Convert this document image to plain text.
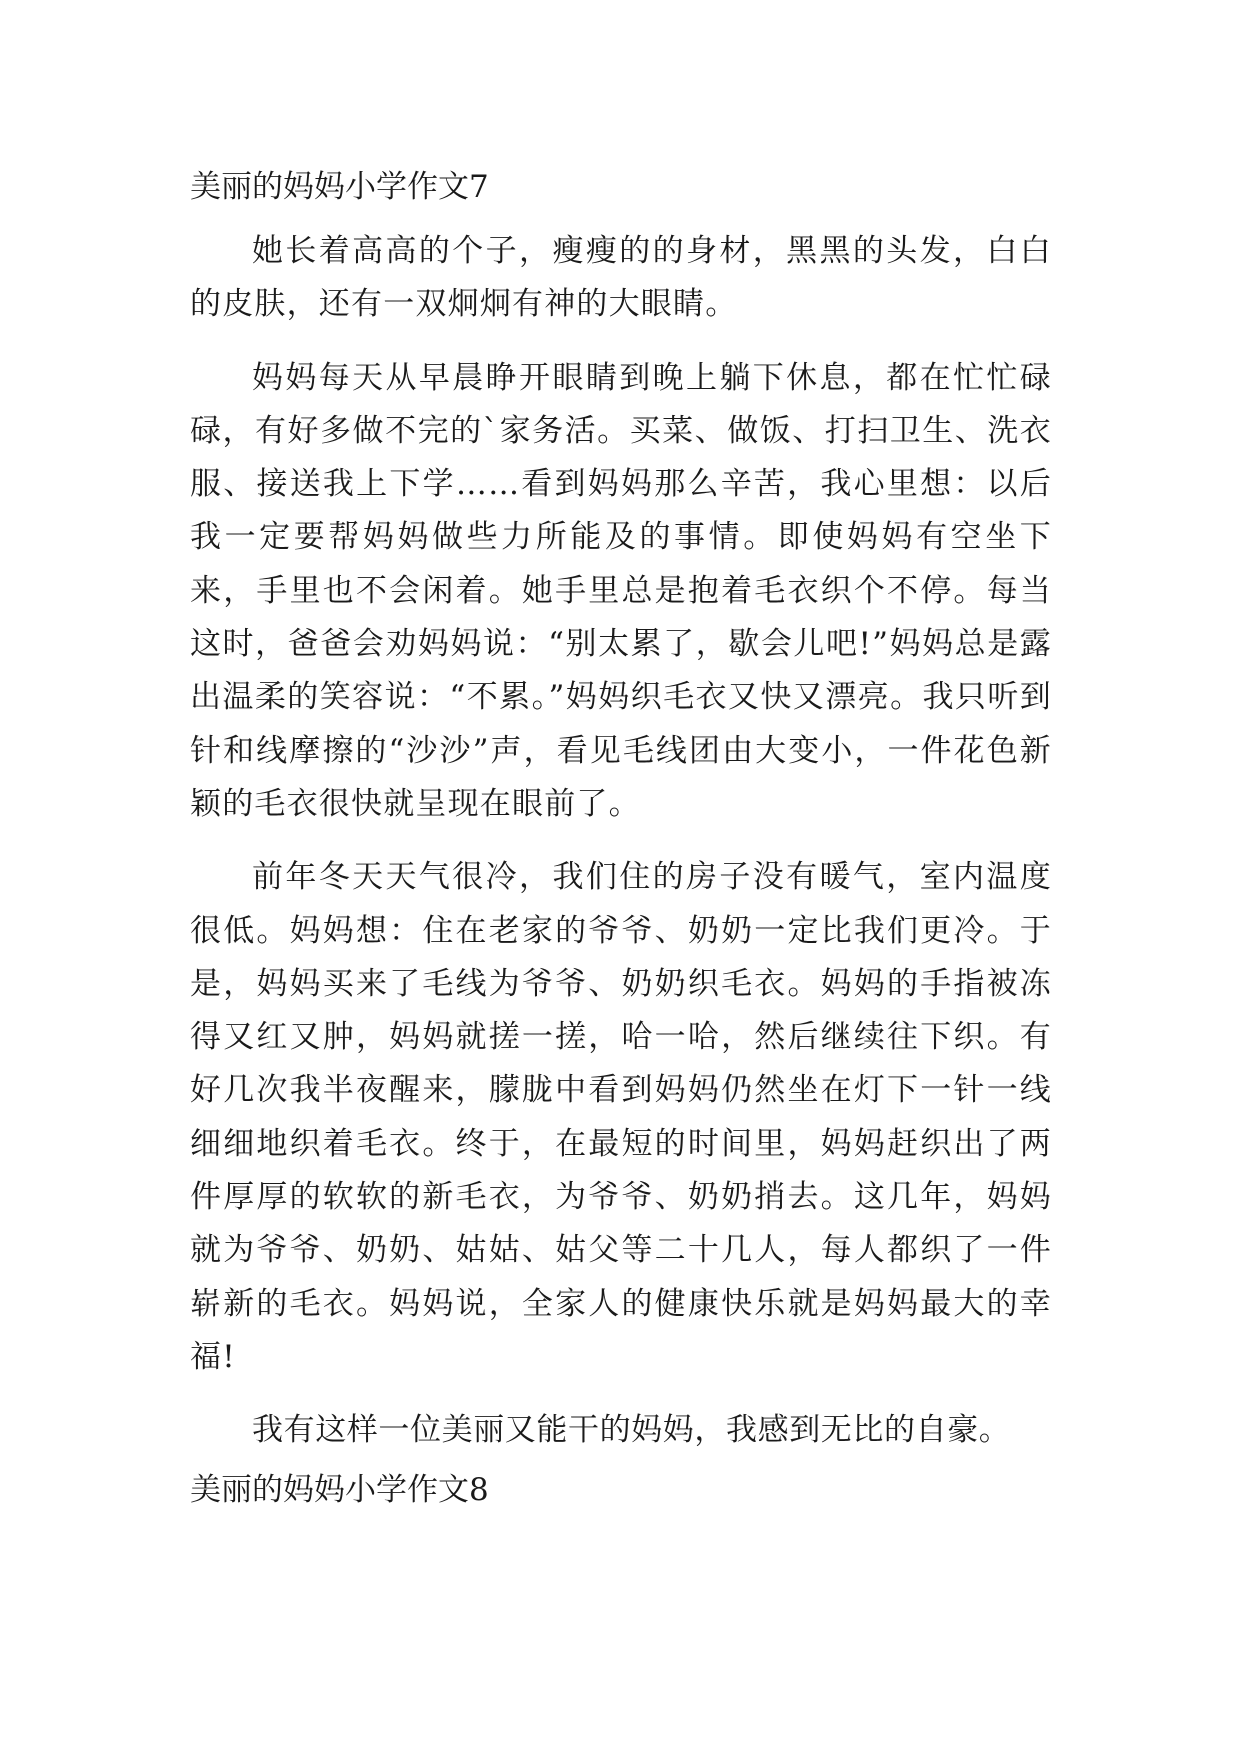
美丽的妈妈小学作文7

她长着高高的个子，瘦瘦的的身材，黑黑的头发，白白的皮肤，还有一双炯炯有神的大眼睛。

妈妈每天从早晨睁开眼睛到晚上躺下休息，都在忙忙碌碌，有好多做不完的`家务活。买菜、做饭、打扫卫生、洗衣服、接送我上下学……看到妈妈那么辛苦，我心里想：以后我一定要帮妈妈做些力所能及的事情。即使妈妈有空坐下来，手里也不会闲着。她手里总是抱着毛衣织个不停。每当这时，爸爸会劝妈妈说：“别太累了，歇会儿吧!”妈妈总是露出温柔的笑容说：“不累。”妈妈织毛衣又快又漂亮。我只听到针和线摩擦的“沙沙”声，看见毛线团由大变小，一件花色新颖的毛衣很快就呈现在眼前了。

前年冬天天气很冷，我们住的房子没有暖气，室内温度很低。妈妈想：住在老家的爷爷、奶奶一定比我们更冷。于是，妈妈买来了毛线为爷爷、奶奶织毛衣。妈妈的手指被冻得又红又肿，妈妈就搓一搓，哈一哈，然后继续往下织。有好几次我半夜醒来，朦胧中看到妈妈仍然坐在灯下一针一线细细地织着毛衣。终于，在最短的时间里，妈妈赶织出了两件厚厚的软软的新毛衣，为爷爷、奶奶捎去。这几年，妈妈就为爷爷、奶奶、姑姑、姑父等二十几人，每人都织了一件崭新的毛衣。妈妈说，全家人的健康快乐就是妈妈最大的幸福!

我有这样一位美丽又能干的妈妈，我感到无比的自豪。

美丽的妈妈小学作文8
